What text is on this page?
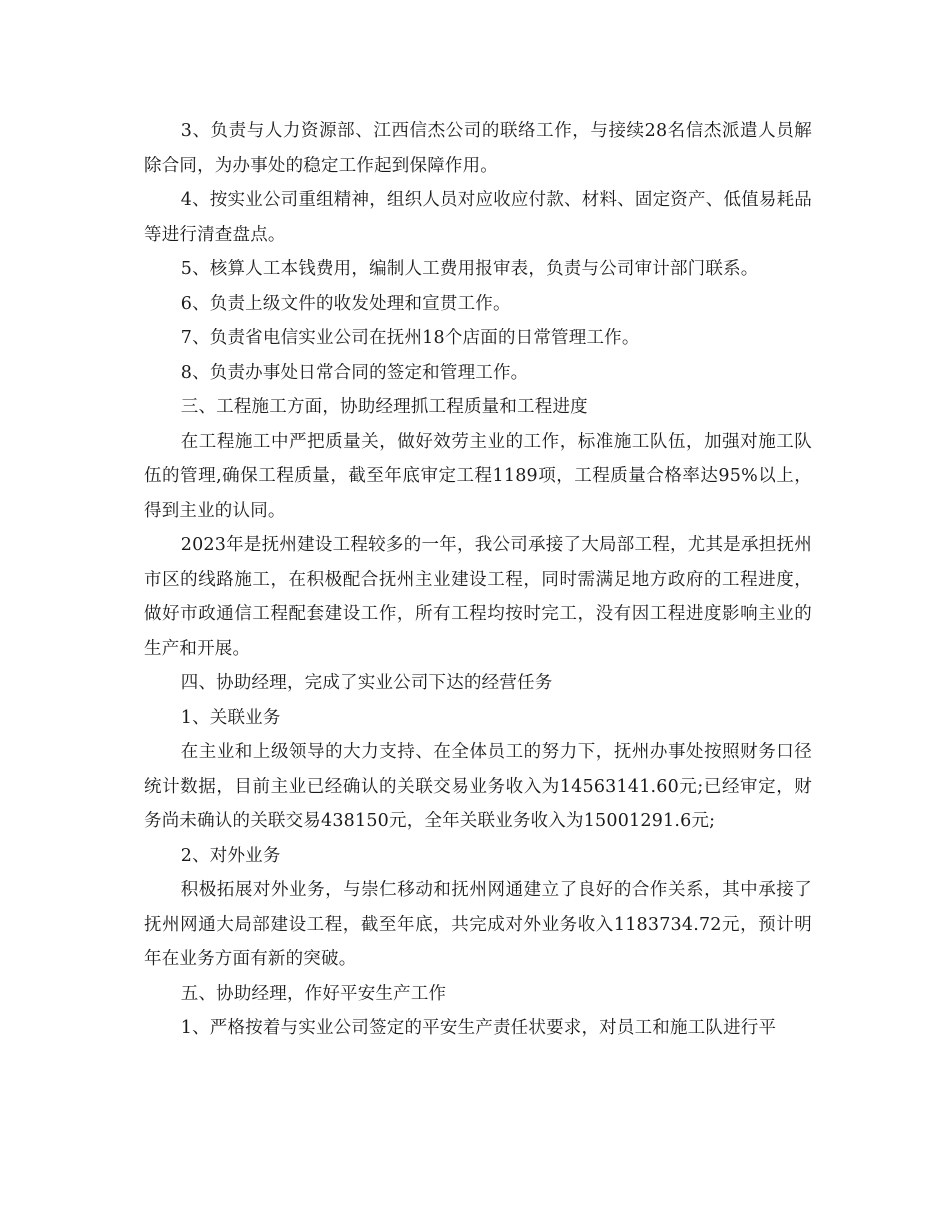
3、负责与人力资源部、江西信杰公司的联络工作，与接续28名信杰派遣人员解除合同，为办事处的稳定工作起到保障作用。

4、按实业公司重组精神，组织人员对应收应付款、材料、固定资产、低值易耗品等进行清查盘点。

5、核算人工本钱费用，编制人工费用报审表，负责与公司审计部门联系。

6、负责上级文件的收发处理和宣贯工作。

7、负责省电信实业公司在抚州18个店面的日常管理工作。

8、负责办事处日常合同的签定和管理工作。

三、工程施工方面，协助经理抓工程质量和工程进度

在工程施工中严把质量关，做好效劳主业的工作，标准施工队伍，加强对施工队伍的管理,确保工程质量，截至年底审定工程1189项，工程质量合格率达95%以上，得到主业的认同。

2023年是抚州建设工程较多的一年，我公司承接了大局部工程，尤其是承担抚州市区的线路施工，在积极配合抚州主业建设工程，同时需满足地方政府的工程进度，做好市政通信工程配套建设工作，所有工程均按时完工，没有因工程进度影响主业的生产和开展。

四、协助经理，完成了实业公司下达的经营任务

1、关联业务

在主业和上级领导的大力支持、在全体员工的努力下，抚州办事处按照财务口径统计数据，目前主业已经确认的关联交易业务收入为14563141.60元;已经审定，财务尚未确认的关联交易438150元，全年关联业务收入为15001291.6元;

2、对外业务

积极拓展对外业务，与崇仁移动和抚州网通建立了良好的合作关系，其中承接了抚州网通大局部建设工程，截至年底，共完成对外业务收入1183734.72元，预计明年在业务方面有新的突破。

五、协助经理，作好平安生产工作

1、严格按着与实业公司签定的平安生产责任状要求，对员工和施工队进行平
